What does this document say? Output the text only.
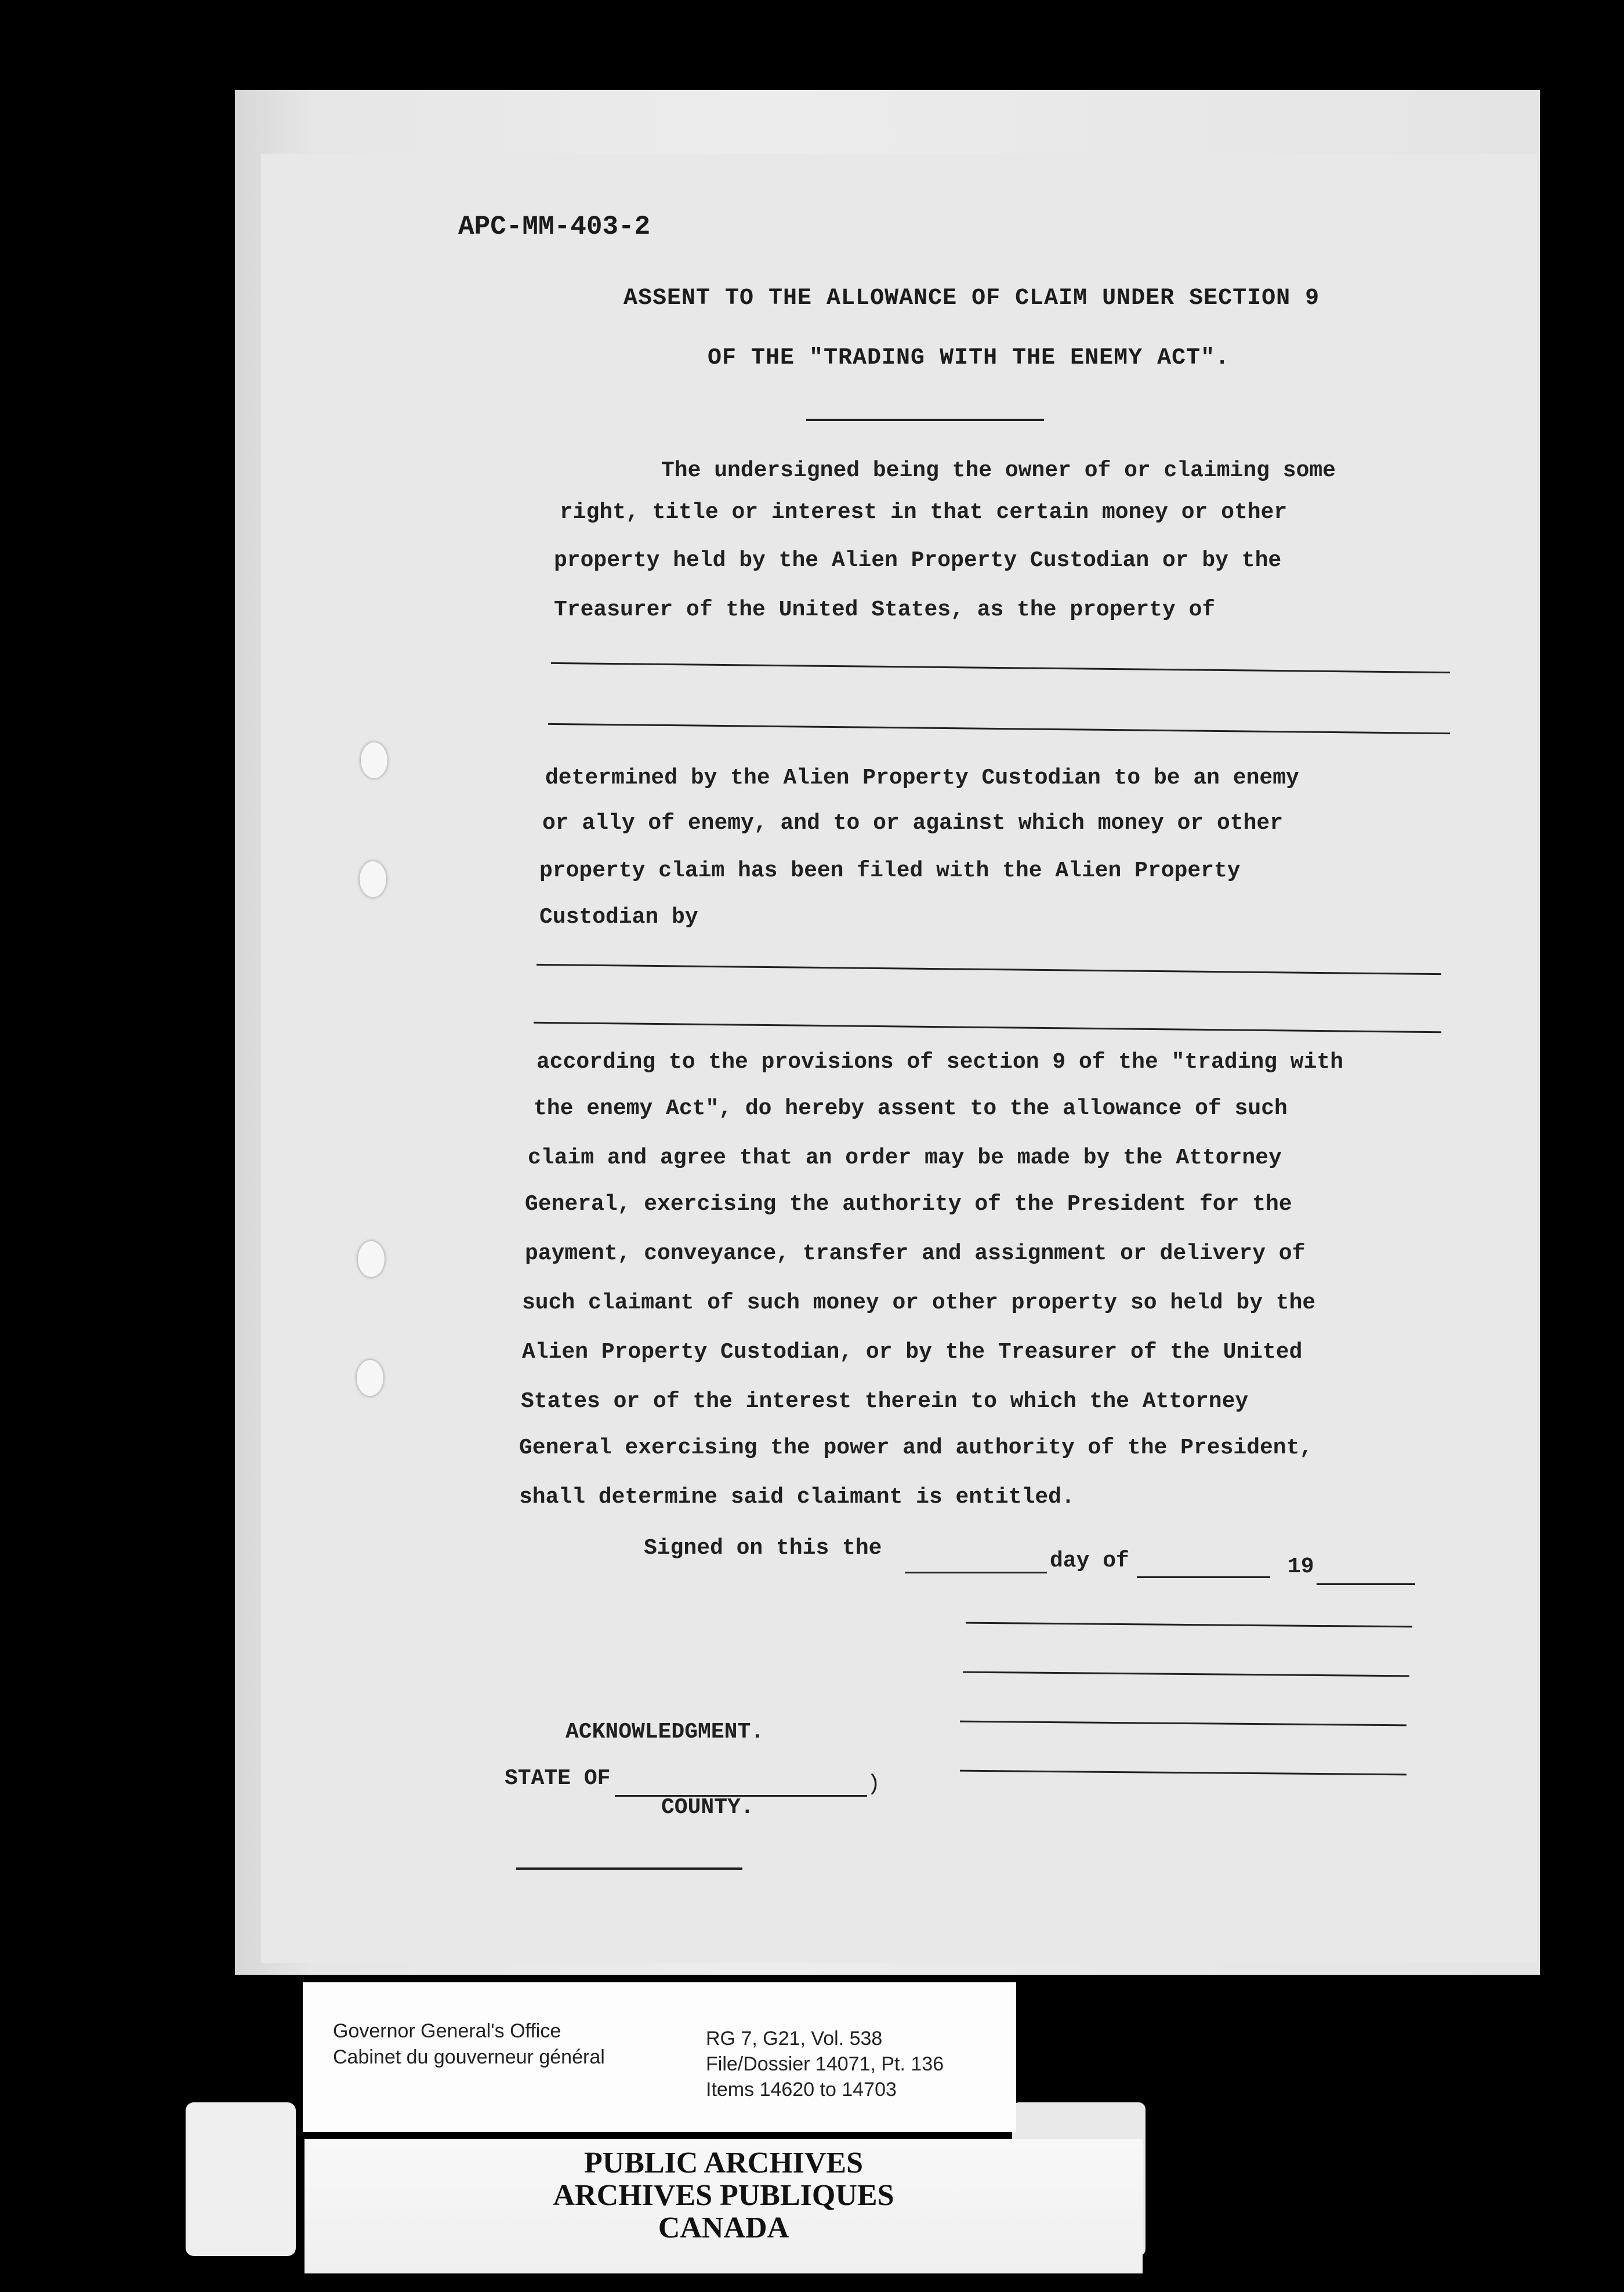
APC-MM-403-2
ASSENT TO THE ALLOWANCE OF CLAIM UNDER SECTION 9
OF THE "TRADING WITH THE ENEMY ACT".
The undersigned being the owner of or claiming some
right, title or interest in that certain money or other
property held by the Alien Property Custodian or by the
Treasurer of the United States, as the property of
determined by the Alien Property Custodian to be an enemy
or ally of enemy, and to or against which money or other
property claim has been filed with the Alien Property
Custodian by
according to the provisions of section 9 of the "trading with
the enemy Act", do hereby assent to the allowance of such
claim and agree that an order may be made by the Attorney
General, exercising the authority of the President for the
payment, conveyance, transfer and assignment or delivery of
such claimant of such money or other property so held by the
Alien Property Custodian, or by the Treasurer of the United
States or of the interest therein to which the Attorney
General exercising the power and authority of the President,
shall determine said claimant is entitled.
Signed on this the
day of	19
ACKNOWLEDGMENT.
STATE OF	)
COUNTY.
Governor General's Office
Cabinet du gouverneur général
RG 7, G21, Vol. 538
File/Dossier 14071, Pt. 136
Items 14620 to 14703
PUBLIC ARCHIVES
ARCHIVES PUBLIQUES
CANADA
